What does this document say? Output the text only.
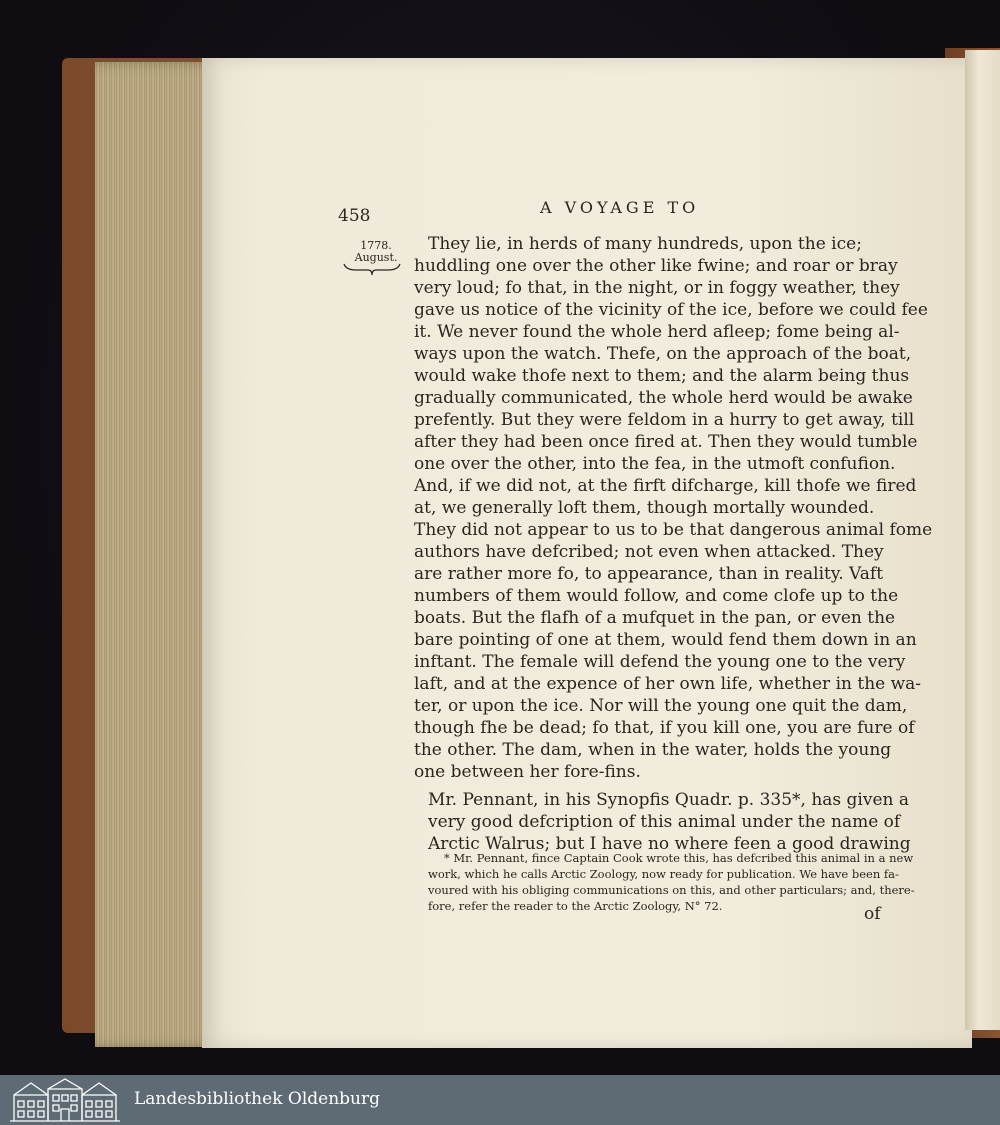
458	A VOYAGE TO
1778.
August.
They lie, in herds of many hundreds, upon the ice;
huddling one over the other like fwine; and roar or bray
very loud; fo that, in the night, or in foggy weather, they
gave us notice of the vicinity of the ice, before we could fee
it. We never found the whole herd afleep; fome being al-
ways upon the watch. Thefe, on the approach of the boat,
would wake thofe next to them; and the alarm being thus
gradually communicated, the whole herd would be awake
prefently. But they were feldom in a hurry to get away, till
after they had been once fired at. Then they would tumble
one over the other, into the fea, in the utmoft confufion.
And, if we did not, at the firft difcharge, kill thofe we fired
at, we generally loft them, though mortally wounded.
They did not appear to us to be that dangerous animal fome
authors have defcribed; not even when attacked. They
are rather more fo, to appearance, than in reality. Vaft
numbers of them would follow, and come clofe up to the
boats. But the flafh of a mufquet in the pan, or even the
bare pointing of one at them, would fend them down in an
inftant. The female will defend the young one to the very
laft, and at the expence of her own life, whether in the wa-
ter, or upon the ice. Nor will the young one quit the dam,
though fhe be dead; fo that, if you kill one, you are fure of
the other. The dam, when in the water, holds the young
one between her fore-fins.
Mr. Pennant, in his Synopfis Quadr. p. 335*, has given a
very good defcription of this animal under the name of
Arctic Walrus; but I have no where feen a good drawing
* Mr. Pennant, fince Captain Cook wrote this, has defcribed this animal in a new
work, which he calls Arctic Zoology, now ready for publication. We have been fa-
voured with his obliging communications on this, and other particulars; and, there-
fore, refer the reader to the Arctic Zoology, N° 72.	of
Landesbibliothek Oldenburg
